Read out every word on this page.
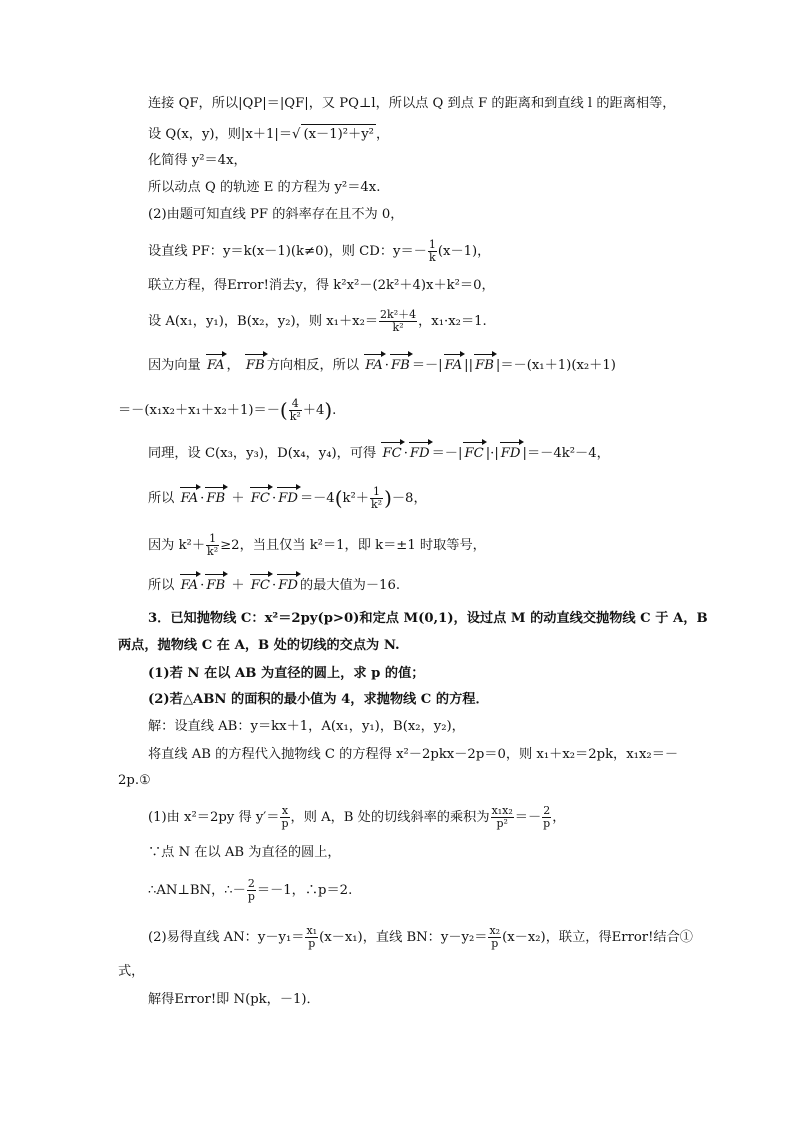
连接 QF，所以|QP|＝|QF|，又 PQ⊥l，所以点 Q 到点 F 的距离和到直线 l 的距离相等，
设 Q(x，y)，则|x＋1|＝√ (x－1)²＋y² ，
化简得 y²＝4x，
所以动点 Q 的轨迹 E 的方程为 y²＝4x.
(2)由题可知直线 PF 的斜率存在且不为 0，
设直线 PF：y＝k(x－1)(k≠0)，则 CD：$y=- \frac{1}{k} (x-1)$，
联立方程，得Error!消去y，得 k²x²－(2k²＋4)x＋k²＝0，
设 A(x₁，y₁)，B(x₂，y₂)，则 $x_1+x_2= \frac{\text{2k²＋4}}{\text{k²}}$ ，x₁·x₂＝1.
因为向量 FA ， FB 方向相反，所以 FA · FB ＝－| FA || FB |＝－(x₁＋1)(x₂＋1)
$=-(x_1x_2+x_1+x_2+1)=-( \frac{4}{\text{k²}} +4)$.
同理，设 C(x₃，y₃)，D(x₄，y₄)，可得 FC · FD ＝－| FC |·| FD |＝－4k²－4，
所以 FA · FB ＋ FC · FD $=-4(k^2+ \frac{1}{\text{k²}} )-8$，
因为 $k^2+ \frac{1}{\text{k²}} \ge 2$，当且仅当 k²＝1，即 k＝±1 时取等号，
所以 FA · FB ＋ FC · FD 的最大值为－16.
3．已知抛物线 C：x²＝2py(p>0)和定点 M(0,1)，设过点 M 的动直线交抛物线 C 于 A，B
两点，抛物线 C 在 A，B 处的切线的交点为 N.
(1)若 N 在以 AB 为直径的圆上，求 p 的值；
(2)若△ABN 的面积的最小值为 4，求抛物线 C 的方程．
解：设直线 AB：y＝kx＋1，A(x₁，y₁)，B(x₂，y₂)，
将直线 AB 的方程代入抛物线 C 的方程得 x²－2pkx－2p＝0，则 x₁＋x₂＝2pk，x₁x₂＝－
2p.①
(1)由 x²＝2py 得 $y'= \frac{x}{p}$ ，则 A，B 处的切线斜率的乘积为 $\frac{\text{x₁x₂}}{\text{p²}} =- \frac{2}{p}$ ，
∵点 N 在以 AB 为直径的圆上，
∴AN⊥BN，∴－ $\frac{2}{p} =-1$，∴p＝2.
(2)易得直线 AN：$y-y_1= \frac{\text{x₁}}{p} (x-x_1)$，直线 BN：$y-y_2= \frac{\text{x₂}}{p} (x-x_2)$，联立，得Error!结合①
式，
解得Error!即 N(pk，－1)．
